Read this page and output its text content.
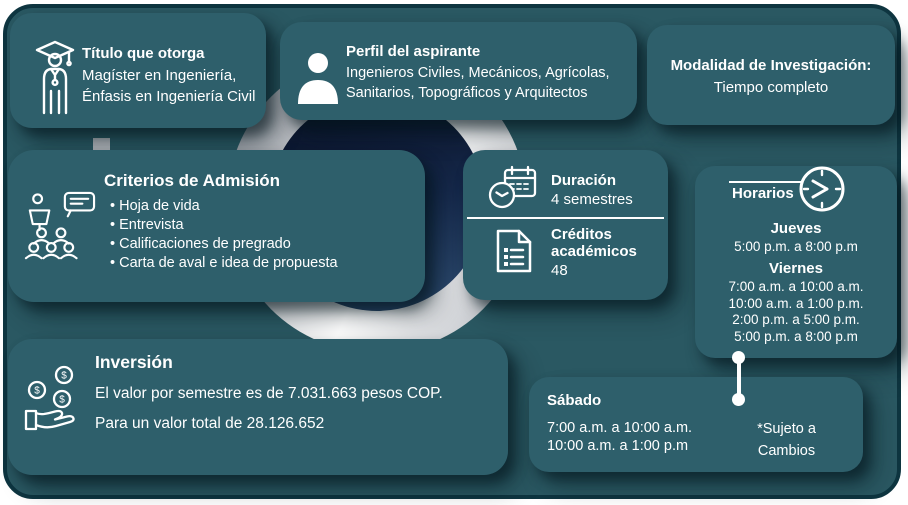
Título que otorga
Magíster en Ingeniería,
Énfasis en Ingeniería Civil
Perfil del aspirante
Ingenieros Civiles, Mecánicos, Agrícolas,
Sanitarios, Topográficos y Arquitectos
Modalidad de Investigación:
Tiempo completo
Criterios de Admisión
• Hoja de vida
• Entrevista
• Calificaciones de pregrado
• Carta de aval e idea de propuesta
Duración
4 semestres
Créditos académicos
48
Horarios
Jueves
5:00 p.m. a 8:00 p.m
Viernes
7:00 a.m. a 10:00 a.m.
10:00 a.m. a 1:00 p.m.
2:00 p.m. a 5:00 p.m.
5:00 p.m. a 8:00 p.m
$
$
$
Inversión
El valor por semestre es de 7.031.663 pesos COP.
Para un valor total de 28.126.652
Sábado
7:00 a.m. a 10:00 a.m.
10:00 a.m. a 1:00 p.m
*Sujeto a
Cambios
